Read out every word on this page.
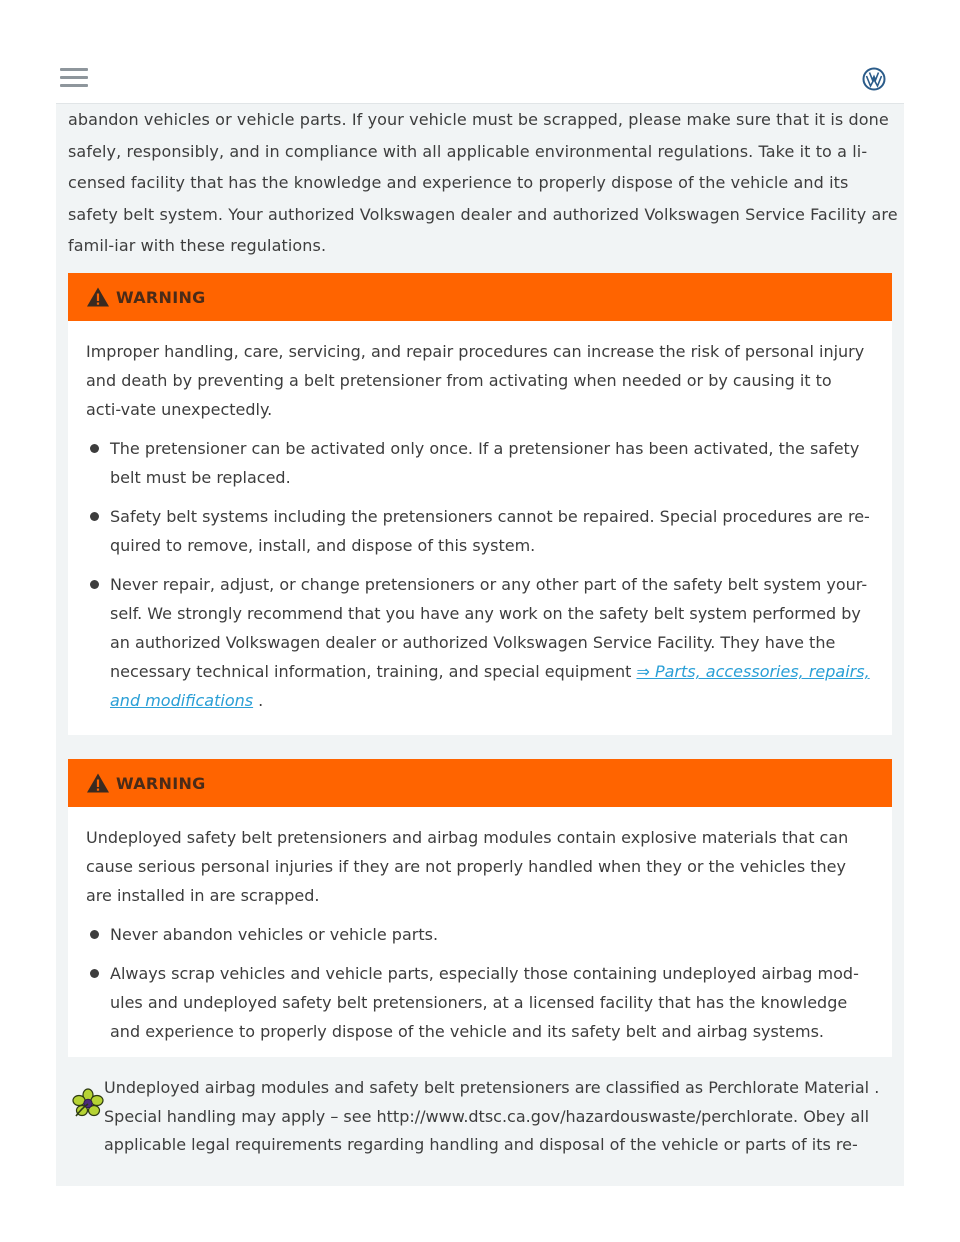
abandon vehicles or vehicle parts. If your vehicle must be scrapped, please make sure that it is done safely, responsibly, and in compliance with all applicable environmental regulations. Take it to a li-censed facility that has the knowledge and experience to properly dispose of the vehicle and its safety belt system. Your authorized Volkswagen dealer and authorized Volkswagen Service Facility are famil-iar with these regulations.

WARNING

Improper handling, care, servicing, and repair procedures can increase the risk of personal injury and death by preventing a belt pretensioner from activating when needed or by causing it to acti-vate unexpectedly.

The pretensioner can be activated only once. If a pretensioner has been activated, the safety belt must be replaced.
Safety belt systems including the pretensioners cannot be repaired. Special procedures are re-quired to remove, install, and dispose of this system.
Never repair, adjust, or change pretensioners or any other part of the safety belt system your-self. We strongly recommend that you have any work on the safety belt system performed by an authorized Volkswagen dealer or authorized Volkswagen Service Facility. They have the necessary technical information, training, and special equipment ⇒ Parts, accessories, repairs, and modifications .
WARNING

Undeployed safety belt pretensioners and airbag modules contain explosive materials that can cause serious personal injuries if they are not properly handled when they or the vehicles they are installed in are scrapped.

Never abandon vehicles or vehicle parts.
Always scrap vehicles and vehicle parts, especially those containing undeployed airbag mod-ules and undeployed safety belt pretensioners, at a licensed facility that has the knowledge and experience to properly dispose of the vehicle and its safety belt and airbag systems.
Undeployed airbag modules and safety belt pretensioners are classified as Perchlorate Material . Special handling may apply – see http://www.dtsc.ca.gov/hazardouswaste/perchlorate. Obey all applicable legal requirements regarding handling and disposal of the vehicle or parts of its re-
